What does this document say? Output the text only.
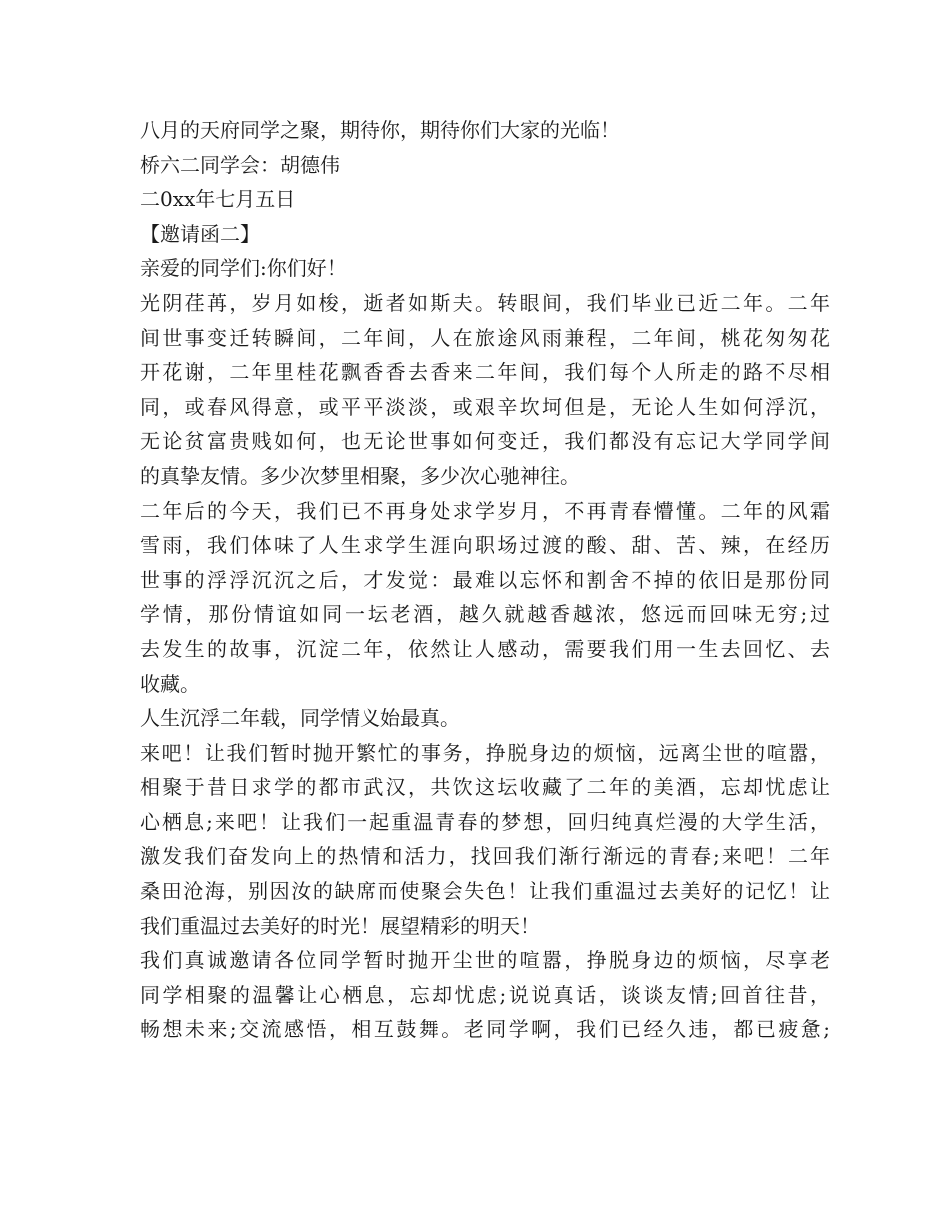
八月的天府同学之聚，期待你，期待你们大家的光临！
桥六二同学会：胡德伟
二0xx年七月五日
【邀请函二】
亲爱的同学们:你们好！
光阴荏苒，岁月如梭，逝者如斯夫。转眼间，我们毕业已近二年。二年
间世事变迁转瞬间，二年间，人在旅途风雨兼程，二年间，桃花匆匆花
开花谢，二年里桂花飘香香去香来二年间，我们每个人所走的路不尽相
同，或春风得意，或平平淡淡，或艰辛坎坷但是，无论人生如何浮沉，
无论贫富贵贱如何，也无论世事如何变迁，我们都没有忘记大学同学间
的真挚友情。多少次梦里相聚，多少次心驰神往。
二年后的今天，我们已不再身处求学岁月，不再青春懵懂。二年的风霜
雪雨，我们体味了人生求学生涯向职场过渡的酸、甜、苦、辣，在经历
世事的浮浮沉沉之后，才发觉：最难以忘怀和割舍不掉的依旧是那份同
学情，那份情谊如同一坛老酒，越久就越香越浓，悠远而回味无穷;过
去发生的故事，沉淀二年，依然让人感动，需要我们用一生去回忆、去
收藏。
人生沉浮二年载，同学情义始最真。
来吧！让我们暂时抛开繁忙的事务，挣脱身边的烦恼，远离尘世的喧嚣，
相聚于昔日求学的都市武汉，共饮这坛收藏了二年的美酒，忘却忧虑让
心栖息;来吧！让我们一起重温青春的梦想，回归纯真烂漫的大学生活，
激发我们奋发向上的热情和活力，找回我们渐行渐远的青春;来吧！二年
桑田沧海，别因汝的缺席而使聚会失色！让我们重温过去美好的记忆！让
我们重温过去美好的时光！展望精彩的明天！
我们真诚邀请各位同学暂时抛开尘世的喧嚣，挣脱身边的烦恼，尽享老
同学相聚的温馨让心栖息，忘却忧虑;说说真话，谈谈友情;回首往昔，
畅想未来;交流感悟，相互鼓舞。老同学啊，我们已经久违，都已疲惫;
